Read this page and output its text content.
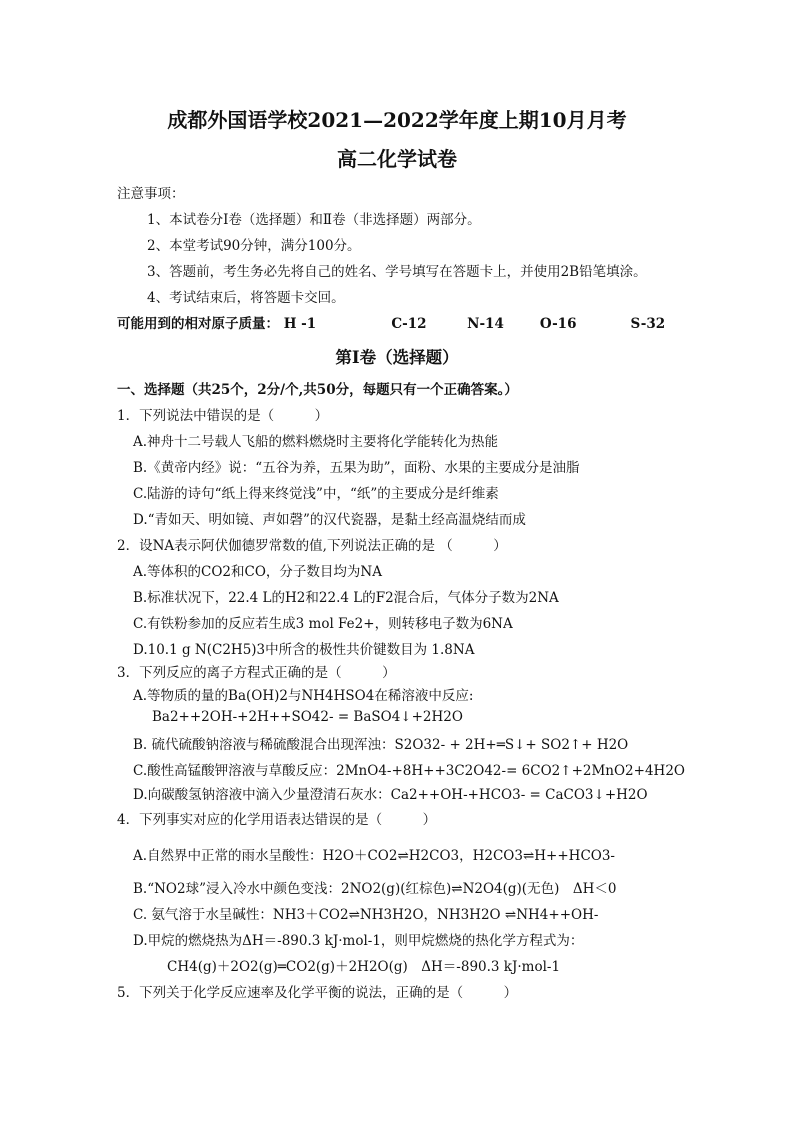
成都外国语学校2021—2022学年度上期10月月考
高二化学试卷
注意事项：
1、本试卷分Ⅰ卷（选择题）和Ⅱ卷（非选择题）两部分。
2、本堂考试90分钟，满分100分。
3、答题前，考生务必先将自己的姓名、学号填写在答题卡上，并使用2B铅笔填涂。
4、考试结束后，将答题卡交回。
可能用到的相对原子质量： H -1	C-12	N-14	O-16	S-32
第Ⅰ卷（选择题）
一、选择题（共25个，2分/个,共50分，每题只有一个正确答案。）
1．下列说法中错误的是（　　　）
A.神舟十二号载人飞船的燃料燃烧时主要将化学能转化为热能
B.《黄帝内经》说：“五谷为养，五果为助”，面粉、水果的主要成分是油脂
C.陆游的诗句“纸上得来终觉浅”中，“纸”的主要成分是纤维素
D.“青如天、明如镜、声如磬”的汉代瓷器，是黏土经高温烧结而成
2．设NA表示阿伏伽德罗常数的值,下列说法正确的是 （　　　）
A.等体积的CO2和CO，分子数目均为NA
B.标准状况下，22.4 L的H2和22.4 L的F2混合后，气体分子数为2NA
C.有铁粉参加的反应若生成3 mol Fe2+，则转移电子数为6NA
D.10.1 g N(C2H5)3中所含的极性共价键数目为 1.8NA
3．下列反应的离子方程式正确的是（　　　）
A.等物质的量的Ba(OH)2与NH4HSO4在稀溶液中反应:
Ba2++2OH-+2H++SO42- = BaSO4↓+2H2O
B. 硫代硫酸钠溶液与稀硫酸混合出现浑浊：S2O32- + 2H+═S↓+ SO2↑+ H2O
C.酸性高锰酸钾溶液与草酸反应：2MnO4-+8H++3C2O42-= 6CO2↑+2MnO2+4H2O
D.向碳酸氢钠溶液中滴入少量澄清石灰水：Ca2++OH-+HCO3- = CaCO3↓+H2O
4．下列事实对应的化学用语表达错误的是（　　　）
A.自然界中正常的雨水呈酸性：H2O＋CO2⇌H2CO3，H2CO3⇌H++HCO3-
B.“NO2球”浸入冷水中颜色变浅：2NO2(g)(红棕色)⇌N2O4(g)(无色)　ΔH＜0
C. 氨气溶于水呈碱性：NH3＋CO2⇌NH3H2O，NH3H2O ⇌NH4++OH-
D.甲烷的燃烧热为ΔH＝-890.3 kJ·mol-1，则甲烷燃烧的热化学方程式为：
CH4(g)＋2O2(g)═CO2(g)＋2H2O(g)　ΔH＝-890.3 kJ·mol-1
5．下列关于化学反应速率及化学平衡的说法，正确的是（　　　）
